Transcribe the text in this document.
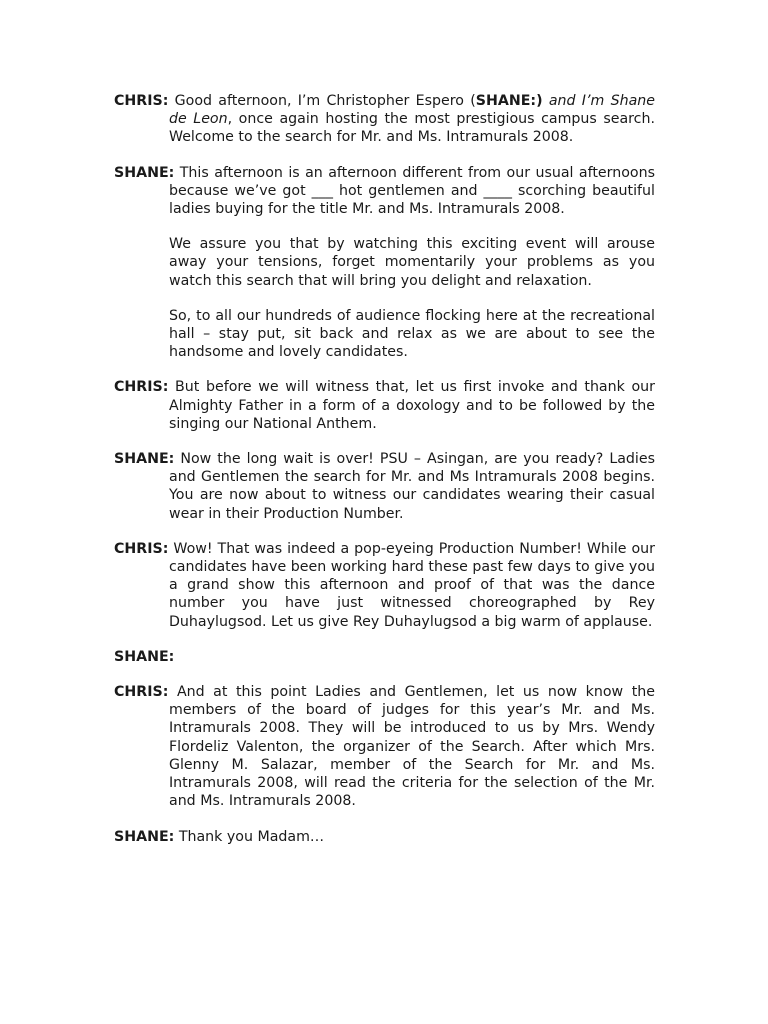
CHRIS: Good afternoon, I’m Christopher Espero (SHANE:) and I’m Shane de Leon, once again hosting the most prestigious campus search. Welcome to the search for Mr. and Ms. Intramurals 2008.

SHANE: This afternoon is an afternoon different from our usual afternoons because we’ve got ___ hot gentlemen and ____ scorching beautiful ladies buying for the title Mr. and Ms. Intramurals 2008.

We assure you that by watching this exciting event will arouse away your tensions, forget momentarily your problems as you watch this search that will bring you delight and relaxation.

So, to all our hundreds of audience flocking here at the recreational hall – stay put, sit back and relax as we are about to see the handsome and lovely candidates.

CHRIS: But before we will witness that, let us first invoke and thank our Almighty Father in a form of a doxology and to be followed by the singing our National Anthem.

SHANE: Now the long wait is over! PSU – Asingan, are you ready? Ladies and Gentlemen the search for Mr. and Ms Intramurals 2008 begins. You are now about to witness our candidates wearing their casual wear in their Production Number.

CHRIS: Wow! That was indeed a pop-eyeing Production Number! While our candidates have been working hard these past few days to give you a grand show this afternoon and proof of that was the dance number you have just witnessed choreographed by Rey Duhaylugsod. Let us give Rey Duhaylugsod a big warm of applause.

SHANE:

CHRIS: And at this point Ladies and Gentlemen, let us now know the members of the board of judges for this year’s Mr. and Ms. Intramurals 2008. They will be introduced to us by Mrs. Wendy Flordeliz Valenton, the organizer of the Search. After which Mrs. Glenny M. Salazar, member of the Search for Mr. and Ms. Intramurals 2008, will read the criteria for the selection of the Mr. and Ms. Intramurals 2008.

SHANE: Thank you Madam…
